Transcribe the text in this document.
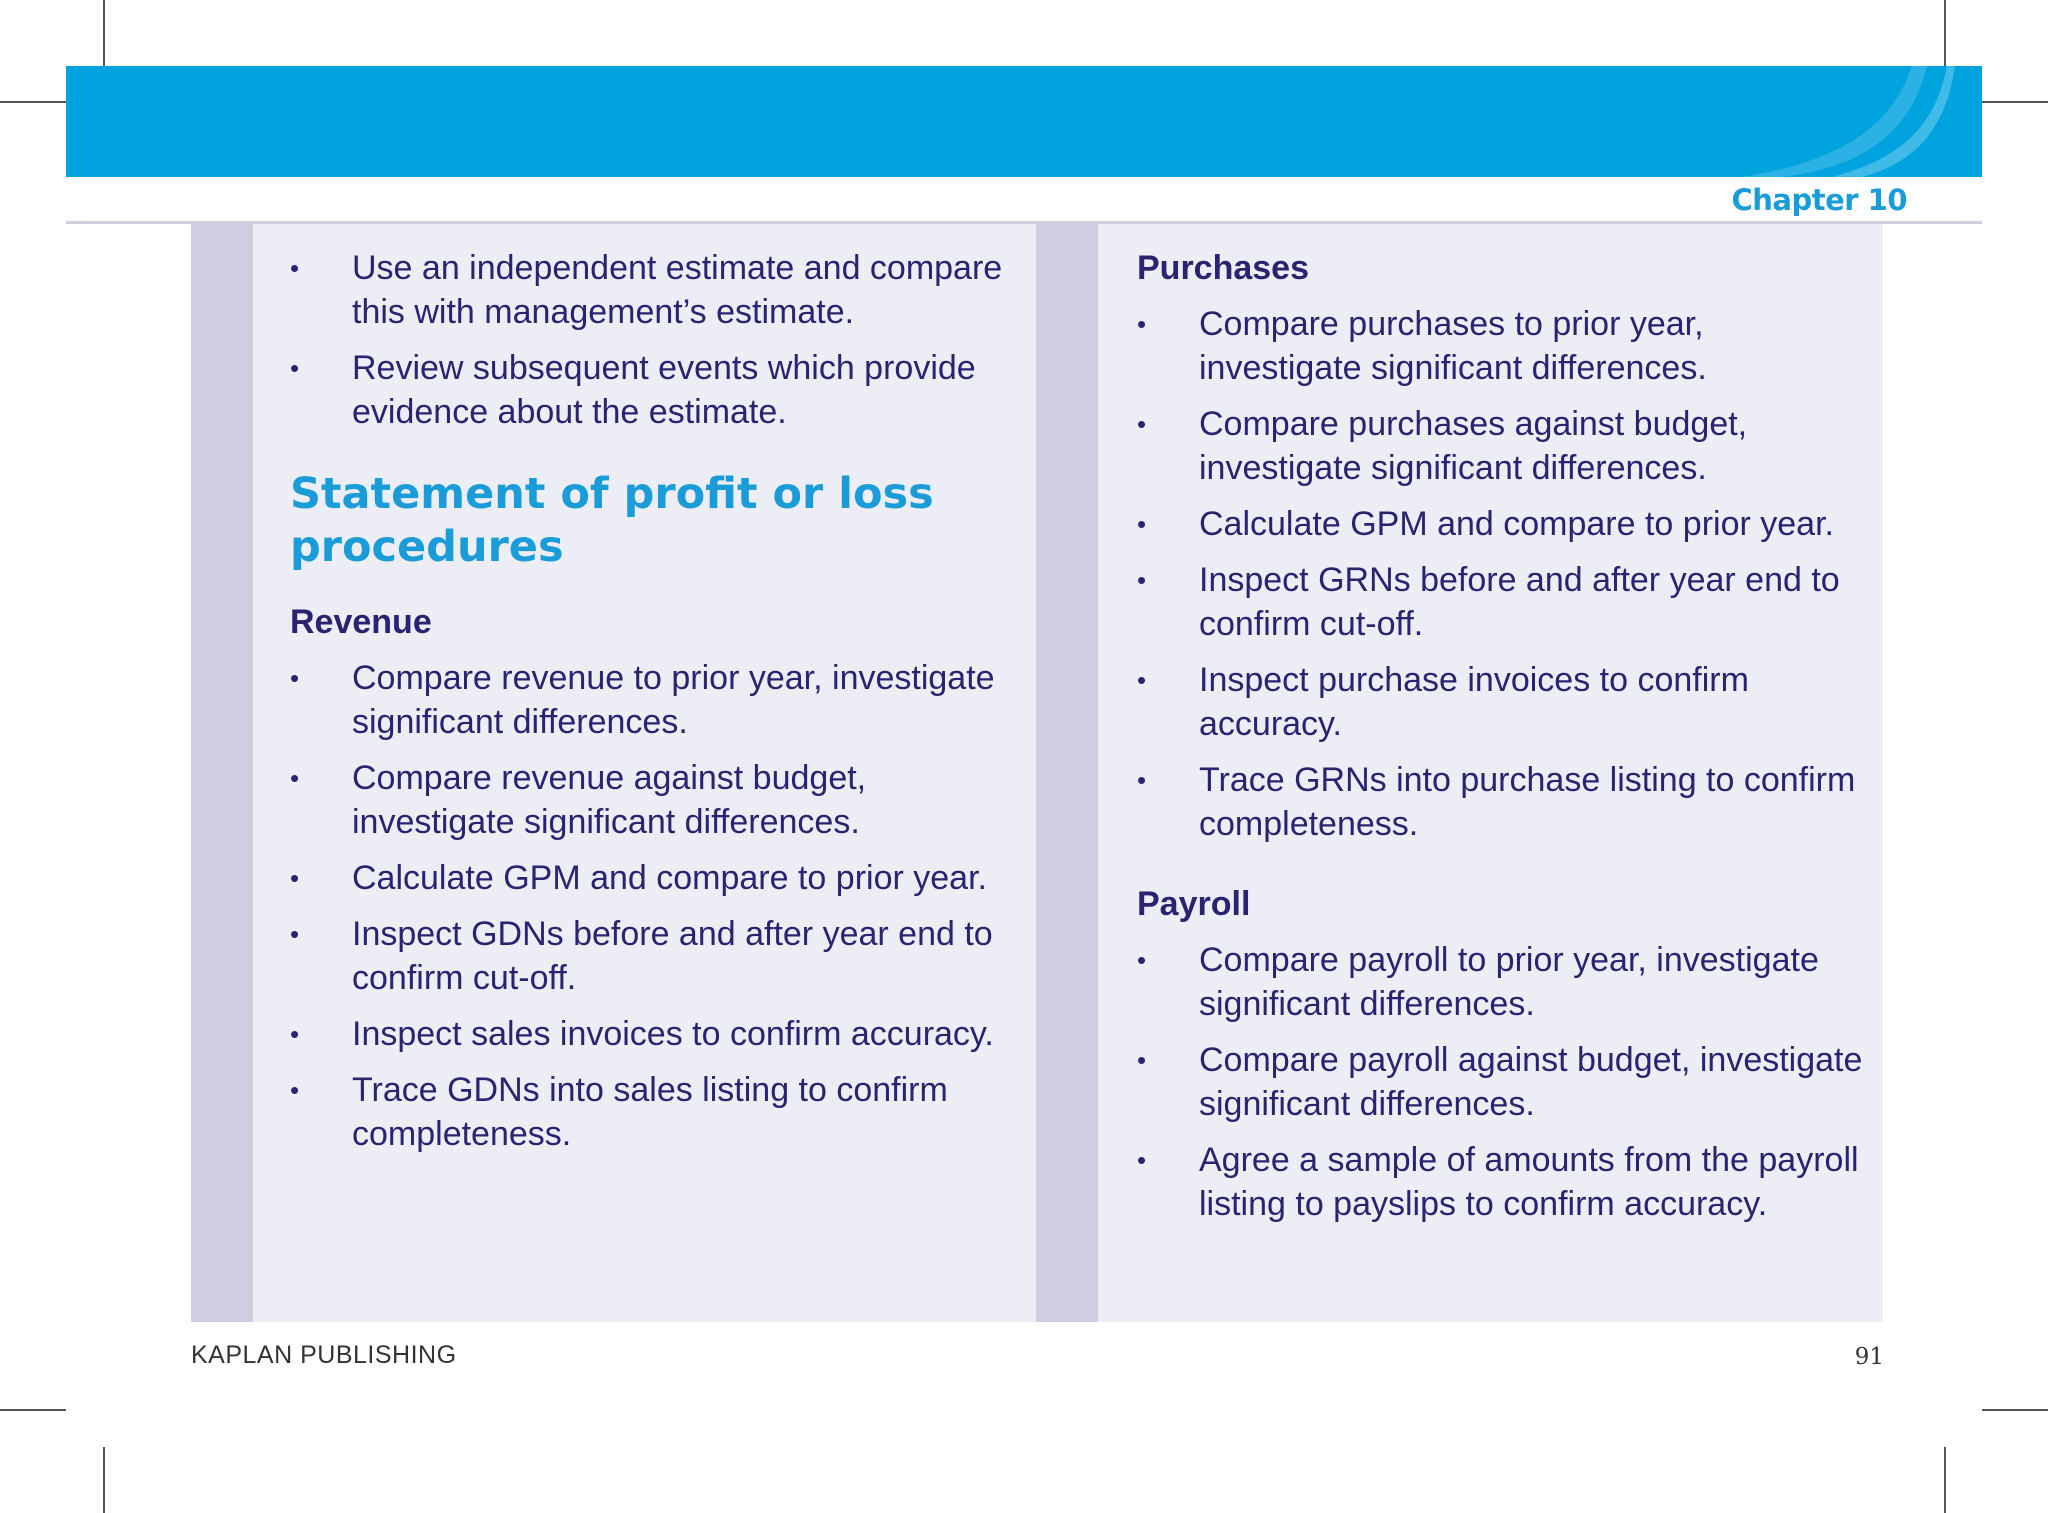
Chapter 10
• Use an independent estimate and compare this with management’s estimate.
• Review subsequent events which provide evidence about the estimate.
Statement of profit or loss procedures
Revenue
• Compare revenue to prior year, investigate significant differences.
• Compare revenue against budget, investigate significant differences.
• Calculate GPM and compare to prior year.
• Inspect GDNs before and after year end to confirm cut-off.
• Inspect sales invoices to confirm accuracy.
• Trace GDNs into sales listing to confirm completeness.
Purchases
• Compare purchases to prior year, investigate significant differences.
• Compare purchases against budget, investigate significant differences.
• Calculate GPM and compare to prior year.
• Inspect GRNs before and after year end to confirm cut-off.
• Inspect purchase invoices to confirm accuracy.
• Trace GRNs into purchase listing to confirm completeness.
Payroll
• Compare payroll to prior year, investigate significant differences.
• Compare payroll against budget, investigate significant differences.
• Agree a sample of amounts from the payroll listing to payslips to confirm accuracy.
KAPLAN PUBLISHING	91
